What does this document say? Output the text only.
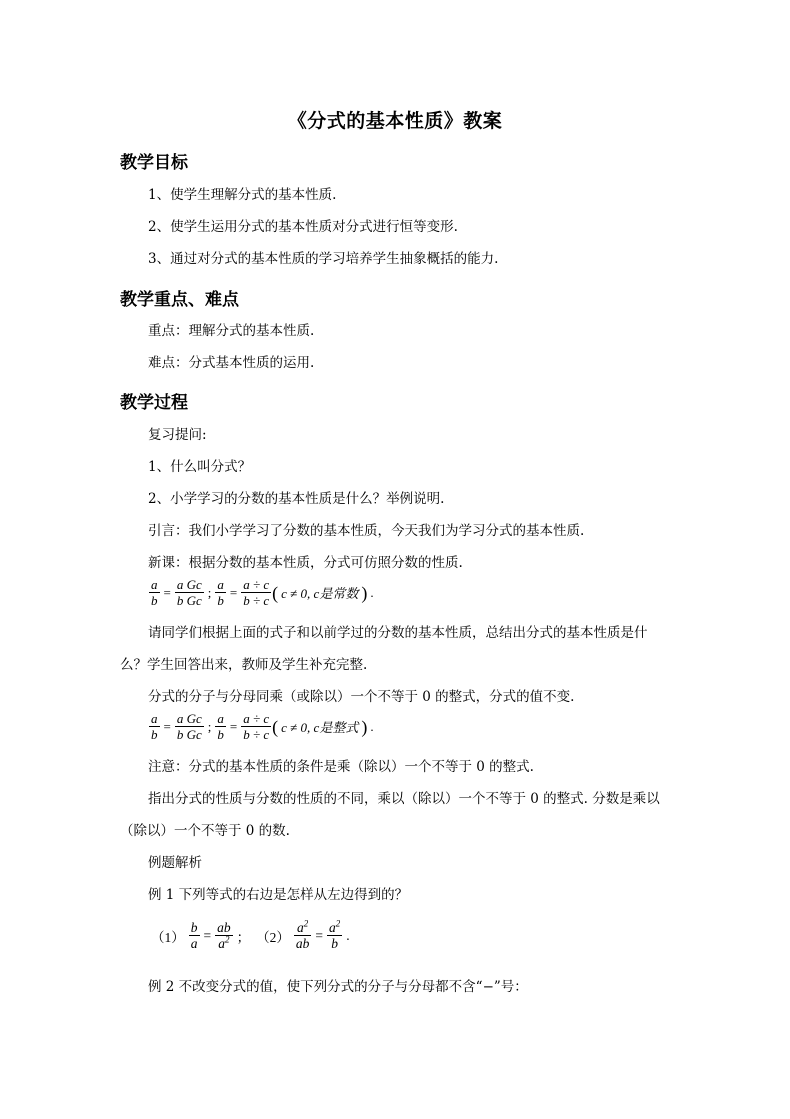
《分式的基本性质》教案
教学目标
1、使学生理解分式的基本性质.
2、使学生运用分式的基本性质对分式进行恒等变形.
3、通过对分式的基本性质的学习培养学生抽象概括的能力.
教学重点、难点
重点：理解分式的基本性质.
难点：分式基本性质的运用.
教学过程
复习提问:
1、什么叫分式？
2、小学学习的分数的基本性质是什么？举例说明.
引言：我们小学学习了分数的基本性质，今天我们为学习分式的基本性质.
新课：根据分数的基本性质，分式可仿照分数的性质.
$\frac{a}{b} = \frac{\text{a Gc}}{\text{b Gc}}$ ; $\frac{a}{b} = \frac{a \div c}{b \div c}$ ( c ≠ 0, c是常数 ) .
请同学们根据上面的式子和以前学过的分数的基本性质，总结出分式的基本性质是什
么？学生回答出来，教师及学生补充完整.
分式的分子与分母同乘（或除以）一个不等于 0 的整式，分式的值不变.
$\frac{a}{b} = \frac{\text{a Gc}}{\text{b Gc}}$ ; $\frac{a}{b} = \frac{a \div c}{b \div c}$ ( c ≠ 0, c是整式 ) .
注意：分式的基本性质的条件是乘（除以）一个不等于 0 的整式.
指出分式的性质与分数的性质的不同，乘以（除以）一个不等于 0 的整式. 分数是乘以
（除以）一个不等于 0 的数.
例题解析
例 1 下列等式的右边是怎样从左边得到的？
$(1) \frac{b}{a} = \frac{ab}{a^2}$ ； $(2) \frac{a^2}{ab} = \frac{a^2}{b}$ .
例 2 不改变分式的值，使下列分式的分子与分母都不含“−”号：
